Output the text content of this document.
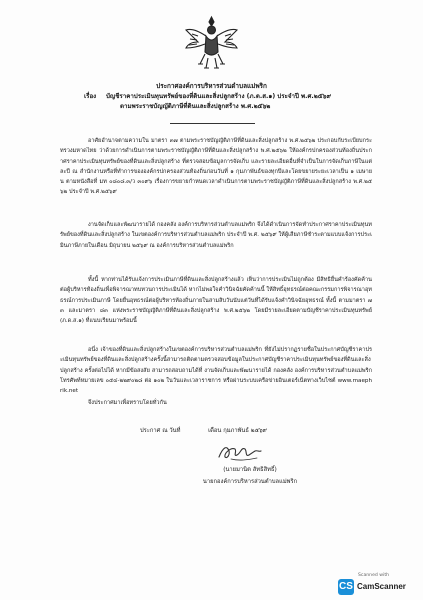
ประกาศองค์การบริหารส่วนตำบลแม่พริก
เรื่อง	บัญชีราคาประเมินทุนทรัพย์ของที่ดินและสิ่งปลูกสร้าง (ภ.ด.ส.๑) ประจำปี พ.ศ.๒๕๖๙
ตามพระราชบัญญัติภาษีที่ดินและสิ่งปลูกสร้าง พ.ศ.๒๕๖๒
อาศัยอำนาจตามความใน มาตรา ๓๗ ตามพระราชบัญญัติภาษีที่ดินและสิ่งปลูกสร้าง พ.ศ.๒๕๖๒ ประกอบกับระเบียบกระทรวงมหาดไทย ว่าด้วยการดำเนินการตามพระราชบัญญัติภาษีที่ดินและสิ่งปลูกสร้าง พ.ศ.๒๕๖๒ ให้องค์กรปกครองส่วนท้องถิ่นประกาศราคาประเมินทุนทรัพย์ของที่ดินและสิ่งปลูกสร้าง ที่ตรวจสอบข้อมูลการจัดเก็บ และรายละเอียดอื่นที่จำเป็นในการจัดเก็บภาษีในแต่ละปี ณ สำนักงานหรือที่ทำการขององค์กรปกครองส่วนท้องถิ่นก่อนวันที่ ๑ กุมภาพันธ์ของทุกปีและโดยขยายระยะเวลาเป็น ๑ เมษายน ตามหนังสือที่ มท ๐๘๐๘.๓/ว ๓๐๙๖ เรื่องการขยายกำหนดเวลาดำเนินการตามพระราชบัญญัติภาษีที่ดินและสิ่งปลูกสร้าง พ.ศ.๒๕๖๒ ประจำปี พ.ศ.๒๕๖๙
งานจัดเก็บและพัฒนารายได้ กองคลัง องค์การบริหารส่วนตำบลแม่พริก จึงได้ดำเนินการจัดทำประกาศราคาประเมินทุนทรัพย์ของที่ดินและสิ่งปลูกสร้าง ในเขตองค์การบริหารส่วนตำบลแม่พริก ประจำปี พ.ศ. ๒๕๖๙ ให้ผู้เสียภาษีชำระตามแบบแจ้งการประเมินภาษีภายในเดือน มิถุนายน ๒๕๖๙ ณ องค์การบริหารส่วนตำบลแม่พริก
ทั้งนี้ หากท่านได้รับแจ้งการประเมินภาษีที่ดินและสิ่งปลูกสร้างแล้ว เห็นว่าการประเมินไม่ถูกต้อง มีสิทธิยื่นคำร้องคัดค้านต่อผู้บริหารท้องถิ่นเพื่อพิจารณาทบทวนการประเมินได้ หากไม่พอใจคำวินิจฉัยคัดค้านนี้ ให้สิทธิ์อุทธรณ์ต่อคณะกรรมการพิจารณาอุทธรณ์การประเมินภาษี โดยยื่นอุทธรณ์ต่อผู้บริหารท้องถิ่นภายในสามสิบวันนับแต่วันที่ได้รับแจ้งคำวินิจฉัยอุทธรณ์ ทั้งนี้ ตามมาตรา ๗๓ และมาตรา ๘๓ แห่งพระราชบัญญัติภาษีที่ดินและสิ่งปลูกสร้าง พ.ศ.๒๕๖๒ โดยมีรายละเอียดตามบัญชีราคาประเมินทุนทรัพย์ (ภ.ด.ส.๑) ที่แนบเรียนมาพร้อมนี้
อนึ่ง เจ้าของที่ดินและสิ่งปลูกสร้างในเขตองค์การบริหารส่วนตำบลแม่พริก ที่ยังไม่ปรากฏรายชื่อในประกาศบัญชีราคาประเมินทุนทรัพย์ของที่ดินและสิ่งปลูกสร้างครั้งนี้สามารถติดตามตรวจสอบข้อมูลในประกาศบัญชีราคาประเมินทุนทรัพย์ของที่ดินและสิ่งปลูกสร้าง ครั้งต่อไปได้ หากมีข้อสงสัย สามารถสอบถามได้ที่ งานจัดเก็บและพัฒนารายได้ กองคลัง องค์การบริหารส่วนตำบลแม่พริก โทรศัพท์หมายเลข ๐๕๔-๒๒๙๐๒๘ ต่อ ๑๐๒ ในวันและเวลาราชการ หรือผ่านระบบเครือข่ายอินเตอร์เน็ตทางเว็บไซต์ www.maephrik.net
จึงประกาศมาเพื่อทราบโดยทั่วกัน
ประกาศ ณ วันที่	เดือน กุมภาพันธ์ ๒๕๖๙
(นายมานิต สัทธิสิทธิ์)
นายกองค์การบริหารส่วนตำบลแม่พริก
Scanned with
CS CamScanner
